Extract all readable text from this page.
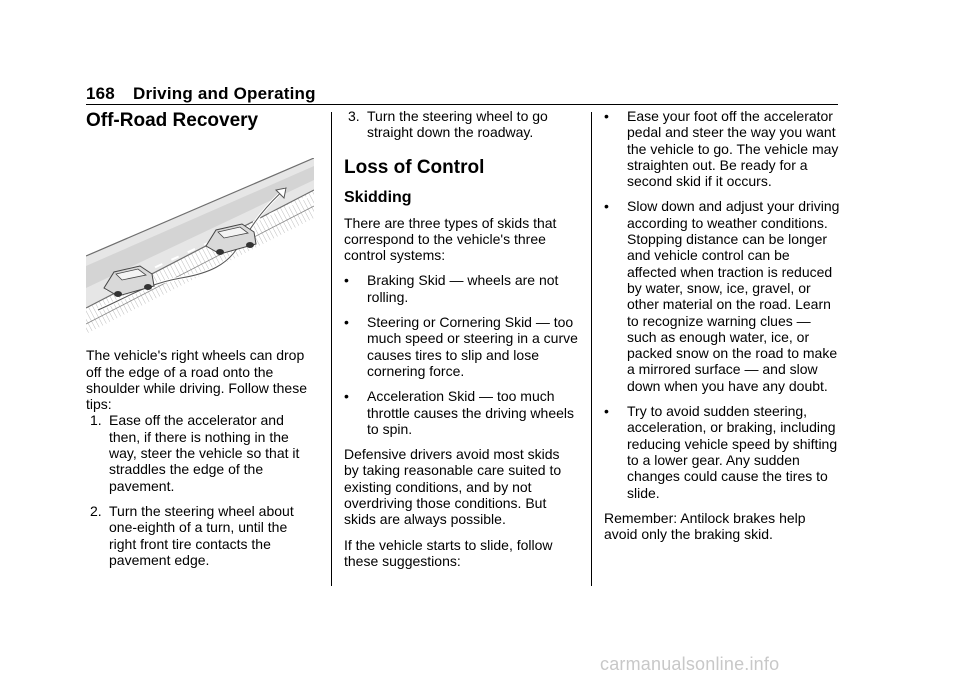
168 Driving and Operating
Off-Road Recovery

The vehicle's right wheels can drop off the edge of a road onto the shoulder while driving. Follow these tips:

1. Ease off the accelerator and then, if there is nothing in the way, steer the vehicle so that it straddles the edge of the pavement.
2. Turn the steering wheel about one-eighth of a turn, until the right front tire contacts the pavement edge.
3. Turn the steering wheel to go straight down the roadway.
Loss of Control
Skidding

There are three types of skids that correspond to the vehicle's three control systems:

• Braking Skid — wheels are not rolling.
• Steering or Cornering Skid — too much speed or steering in a curve causes tires to slip and lose cornering force.
• Acceleration Skid — too much throttle causes the driving wheels to spin.

Defensive drivers avoid most skids by taking reasonable care suited to existing conditions, and by not overdriving those conditions. But skids are always possible.

If the vehicle starts to slide, follow these suggestions:

• Ease your foot off the accelerator pedal and steer the way you want the vehicle to go. The vehicle may straighten out. Be ready for a second skid if it occurs.
• Slow down and adjust your driving according to weather conditions. Stopping distance can be longer and vehicle control can be affected when traction is reduced by water, snow, ice, gravel, or other material on the road. Learn to recognize warning clues — such as enough water, ice, or packed snow on the road to make a mirrored surface — and slow down when you have any doubt.
• Try to avoid sudden steering, acceleration, or braking, including reducing vehicle speed by shifting to a lower gear. Any sudden changes could cause the tires to slide.

Remember: Antilock brakes help avoid only the braking skid.

carmanualsonline.info
